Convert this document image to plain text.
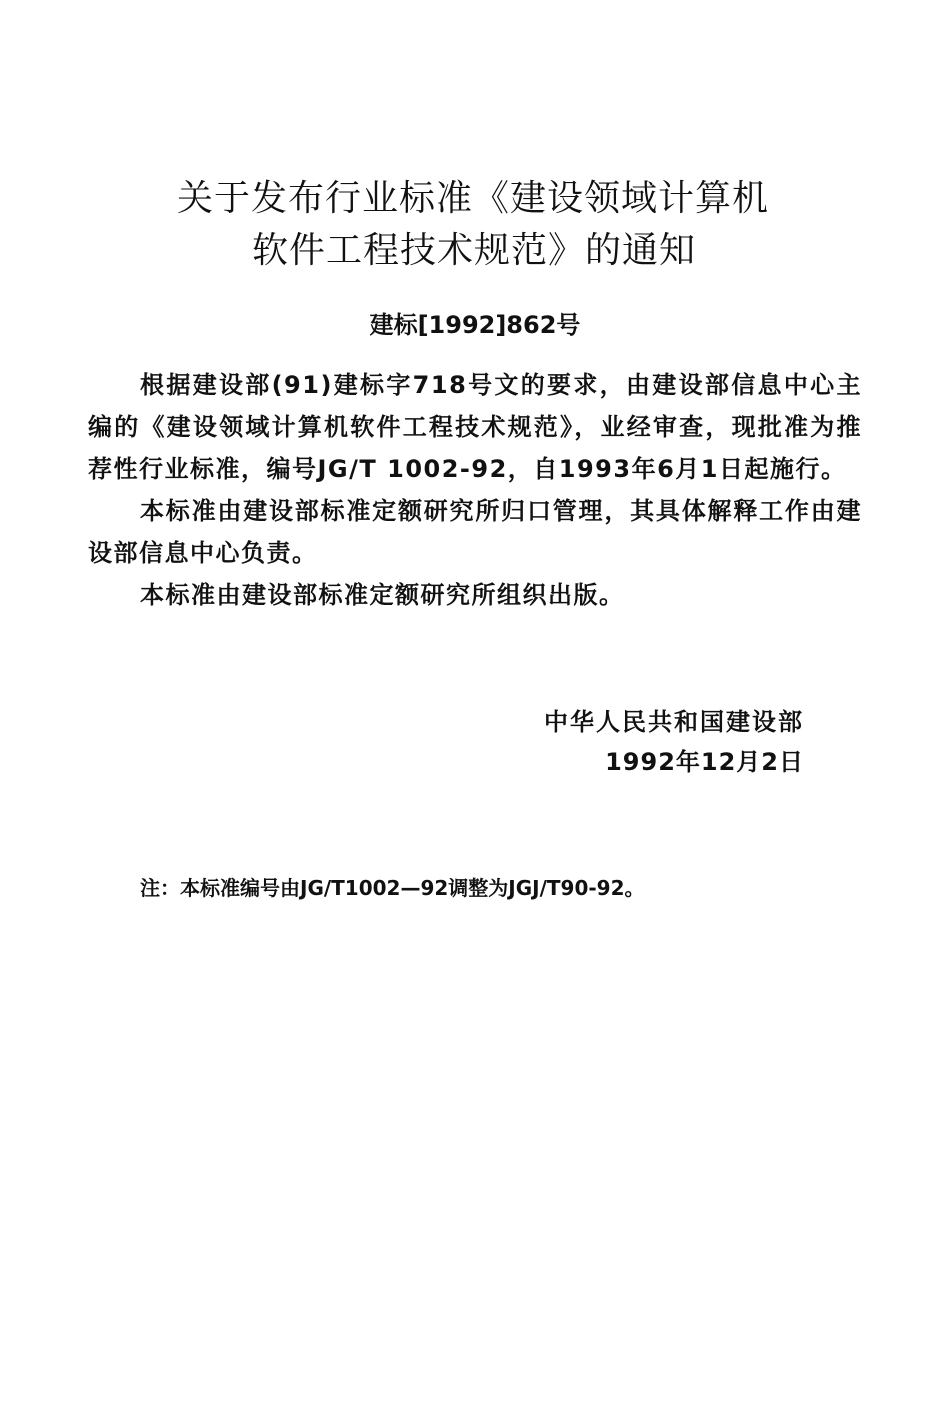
关于发布行业标准《建设领域计算机
软件工程技术规范》的通知
建标[1992]862号

根据建设部(91)建标字718号文的要求，由建设部信息中心主编的《建设领域计算机软件工程技术规范》，业经审查，现批准为推荐性行业标准，编号JG/T 1002-92，自1993年6月1日起施行。

本标准由建设部标准定额研究所归口管理，其具体解释工作由建设部信息中心负责。

本标准由建设部标准定额研究所组织出版。

中华人民共和国建设部
1992年12月2日
注：本标准编号由JG/T1002—92调整为JGJ/T90-92。
